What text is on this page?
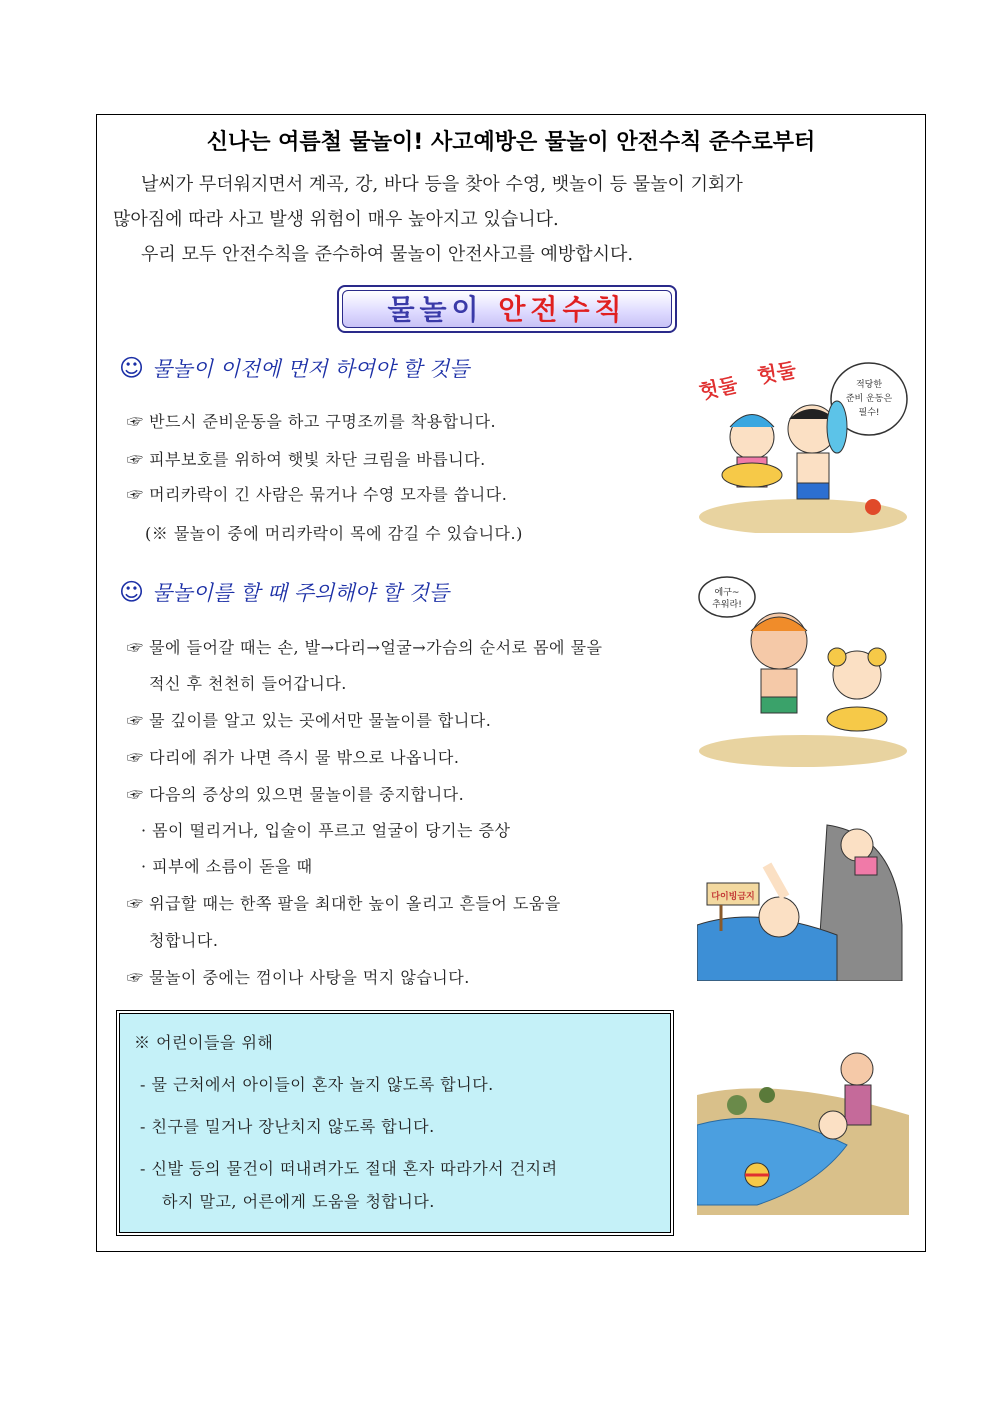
신나는 여름철 물놀이! 사고예방은 물놀이 안전수칙 준수로부터

날씨가 무더워지면서 계곡, 강, 바다 등을 찾아 수영, 뱃놀이 등 물놀이 기회가

많아짐에 따라 사고 발생 위험이 매우 높아지고 있습니다.

우리 모두 안전수칙을 준수하여 물놀이 안전사고를 예방합시다.

물놀이 안전수칙
☺ 물놀이 이전에 먼저 하여야 할 것들
☞ 반드시 준비운동을 하고 구명조끼를 착용합니다.
☞ 피부보호를 위하여 햇빛 차단 크림을 바릅니다.
☞ 머리카락이 긴 사람은 묶거나 수영 모자를 씁니다.
(※ 물놀이 중에 머리카락이 목에 감길 수 있습니다.)
☺ 물놀이를 할 때 주의해야 할 것들
☞ 물에 들어갈 때는 손, 발→다리→얼굴→가슴의 순서로 몸에 물을
적신 후 천천히 들어갑니다.
☞ 물 깊이를 알고 있는 곳에서만 물놀이를 합니다.
☞ 다리에 쥐가 나면 즉시 물 밖으로 나옵니다.
☞ 다음의 증상의 있으면 물놀이를 중지합니다.
· 몸이 떨리거나, 입술이 푸르고 얼굴이 당기는 증상
· 피부에 소름이 돋을 때
☞ 위급할 때는 한쪽 팔을 최대한 높이 올리고 흔들어 도움을
청합니다.
☞ 물놀이 중에는 껌이나 사탕을 먹지 않습니다.
※ 어린이들을 위해
- 물 근처에서 아이들이 혼자 놀지 않도록 합니다.
- 친구를 밀거나 장난치지 않도록 합니다.
- 신발 등의 물건이 떠내려가도 절대 혼자 따라가서 건지려
하지 말고, 어른에게 도움을 청합니다.
헛둘 헛둘	적당한
준비 운동은
필수!
에구~
추워라!
다이빙금지
